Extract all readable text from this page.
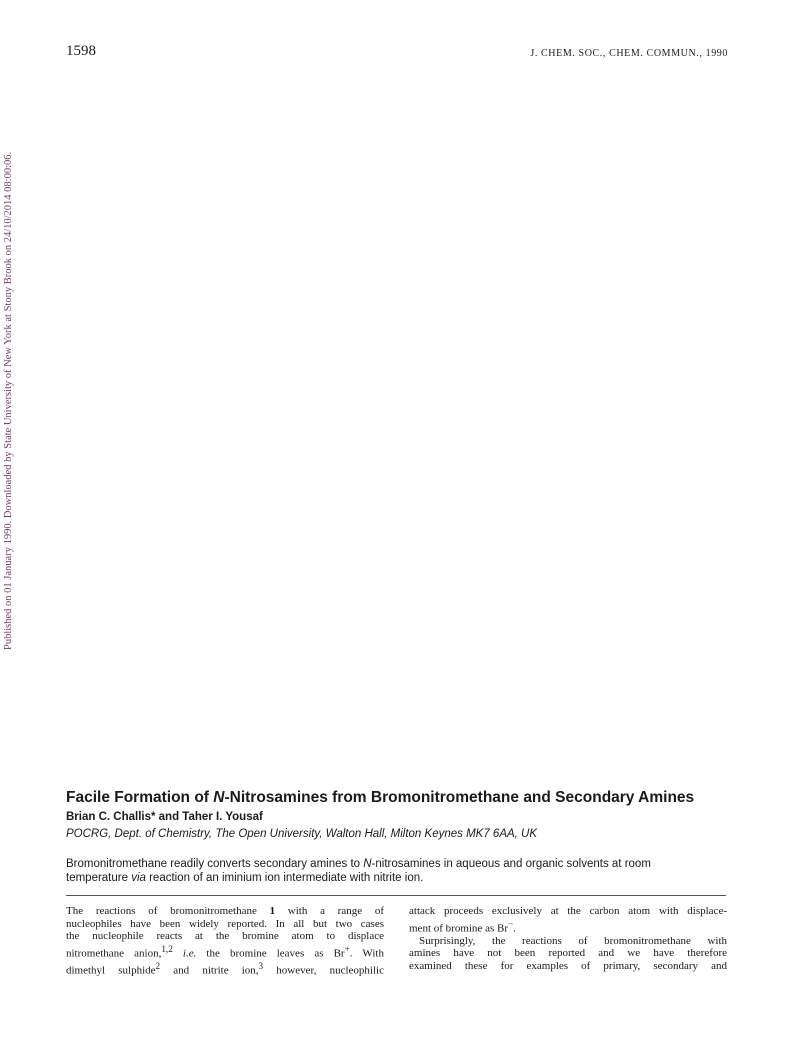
1598	J. CHEM. SOC., CHEM. COMMUN., 1990
Published on 01 January 1990. Downloaded by State University of New York at Stony Brook on 24/10/2014 08:00:06.
Facile Formation of N-Nitrosamines from Bromonitromethane and Secondary Amines
Brian C. Challis* and Taher I. Yousaf
POCRG, Dept. of Chemistry, The Open University, Walton Hall, Milton Keynes MK7 6AA, UK
Bromonitromethane readily converts secondary amines to N-nitrosamines in aqueous and organic solvents at room
temperature via reaction of an iminium ion intermediate with nitrite ion.
The reactions of bromonitromethane 1 with a range of
nucleophiles have been widely reported. In all but two cases
the nucleophile reacts at the bromine atom to displace
nitromethane anion,$^{1,2}$ i.e. the bromine leaves as Br+. With
dimethyl sulphide$^2$ and nitrite ion,$^3$ however, nucleophilic
attack proceeds exclusively at the carbon atom with displace-
ment of bromine as Br−.
Surprisingly, the reactions of bromonitromethane with
amines have not been reported and we have therefore
examined these for examples of primary, secondary and
